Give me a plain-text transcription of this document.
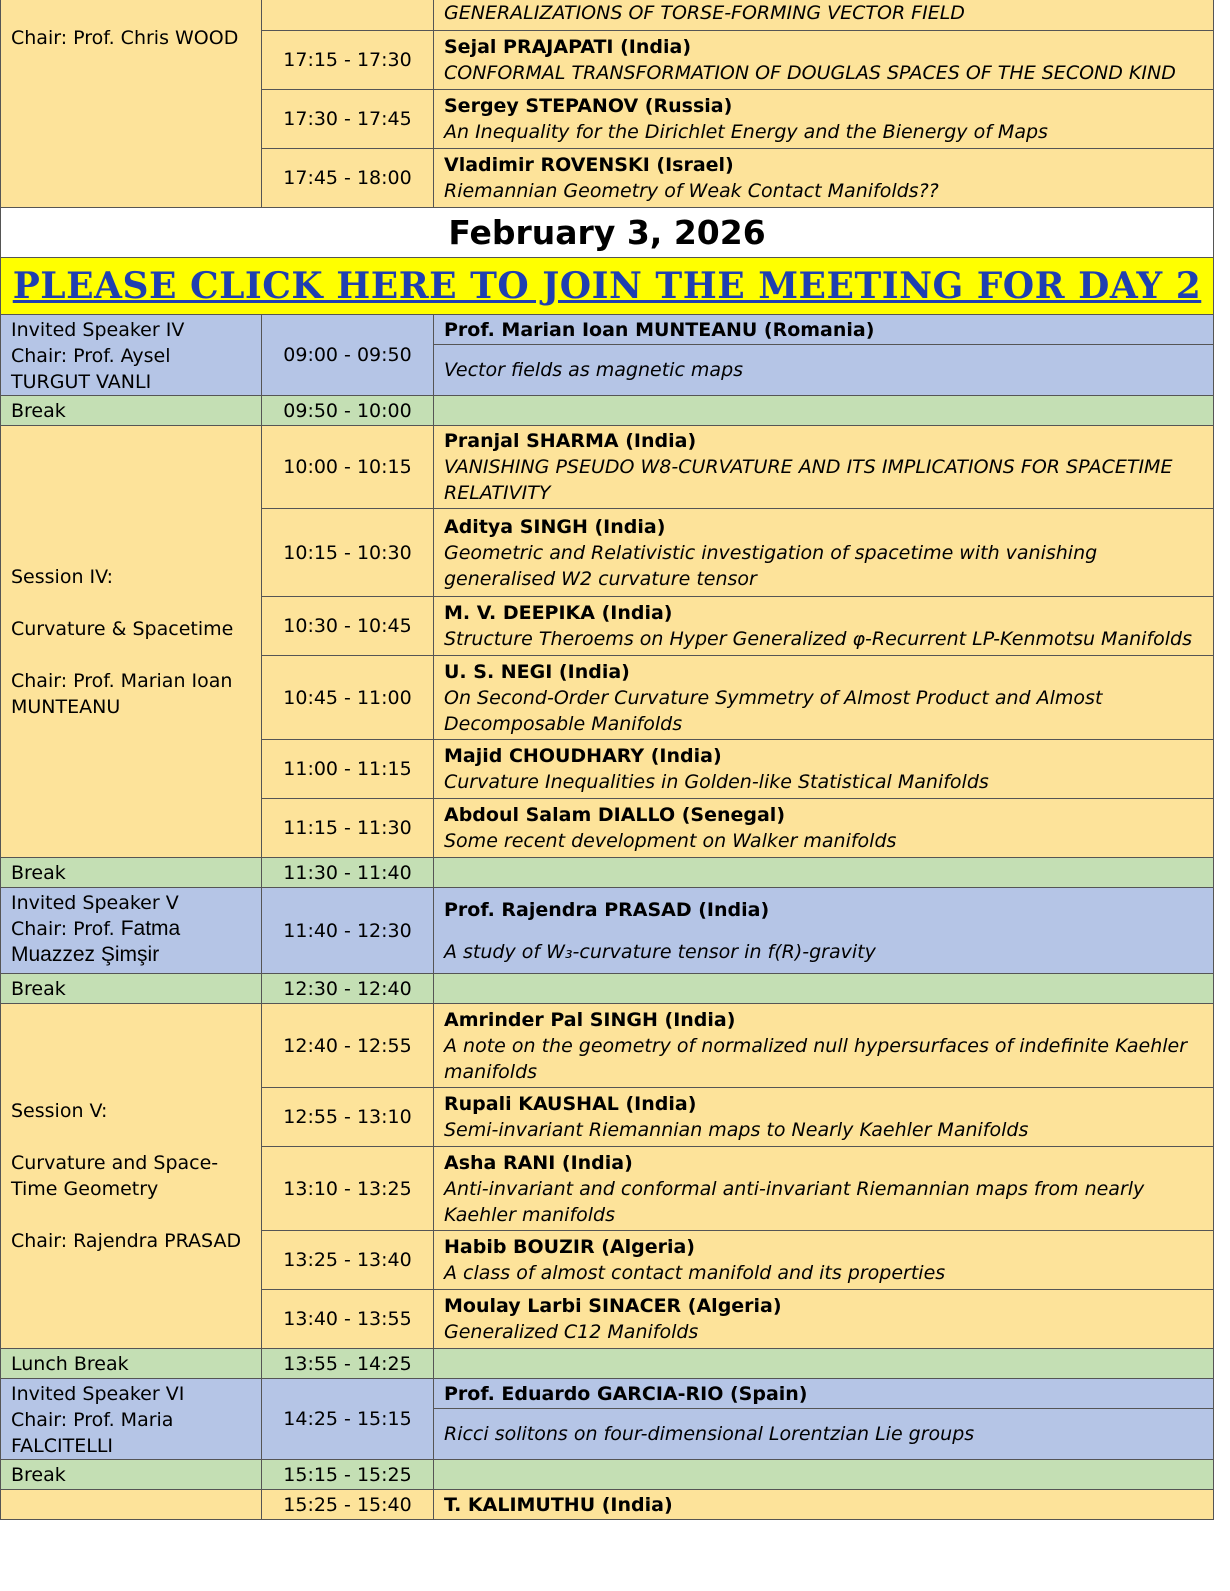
Chair: Prof. Chris WOOD		GENERALIZATIONS OF TORSE-FORMING VECTOR FIELD

	17:15 - 17:30	Sejal PRAJAPATI (India)
CONFORMAL TRANSFORMATION OF DOUGLAS SPACES OF THE SECOND KIND

	17:30 - 17:45	Sergey STEPANOV (Russia)
An Inequality for the Dirichlet Energy and the Bienergy of Maps

	17:45 - 18:00	Vladimir ROVENSKI (Israel)
Riemannian Geometry of Weak Contact Manifolds??

February 3, 2026		
PLEASE CLICK HERE TO JOIN THE MEETING FOR DAY 2		

Invited Speaker IV
Chair: Prof. Aysel TURGUT VANLI	09:00 - 09:50	Prof. Marian Ioan MUNTEANU (Romania)

		Vector fields as magnetic maps

Break	09:50 - 10:00	

Session IV:
Curvature & Spacetime
Chair: Prof. Marian Ioan MUNTEANU	10:00 - 10:15	Pranjal SHARMA (India)
VANISHING PSEUDO W8-CURVATURE AND ITS IMPLICATIONS FOR SPACETIME RELATIVITY

	10:15 - 10:30	Aditya SINGH (India)
Geometric and Relativistic investigation of spacetime with vanishing generalised W2 curvature tensor

	10:30 - 10:45	M. V. DEEPIKA (India)
Structure Theroems on Hyper Generalized φ-Recurrent LP-Kenmotsu Manifolds

	10:45 - 11:00	U. S. NEGI (India)
On Second-Order Curvature Symmetry of Almost Product and Almost Decomposable Manifolds

	11:00 - 11:15	Majid CHOUDHARY (India)
Curvature Inequalities in Golden-like Statistical Manifolds

	11:15 - 11:30	Abdoul Salam DIALLO (Senegal)
Some recent development on Walker manifolds

Break	11:30 - 11:40	

Invited Speaker V
Chair: Prof. Fatma
Muazzez Şimşir	11:40 - 12:30	Prof. Rajendra PRASAD (India)
A study of W₃-curvature tensor in f(R)-gravity

Break	12:30 - 12:40	

Session V:
Curvature and Space-Time Geometry
Chair: Rajendra PRASAD	12:40 - 12:55	Amrinder Pal SINGH (India)
A note on the geometry of normalized null hypersurfaces of indefinite Kaehler manifolds

	12:55 - 13:10	Rupali KAUSHAL (India)
Semi-invariant Riemannian maps to Nearly Kaehler Manifolds

	13:10 - 13:25	Asha RANI (India)
Anti-invariant and conformal anti-invariant Riemannian maps from nearly Kaehler manifolds

	13:25 - 13:40	Habib BOUZIR (Algeria)
A class of almost contact manifold and its properties

	13:40 - 13:55	Moulay Larbi SINACER (Algeria)
Generalized C12 Manifolds

Lunch Break	13:55 - 14:25	

Invited Speaker VI
Chair: Prof. Maria FALCITELLI	14:25 - 15:15	Prof. Eduardo GARCIA-RIO (Spain)

		Ricci solitons on four-dimensional Lorentzian Lie groups

Break	15:15 - 15:25	
	15:25 - 15:40	T. KALIMUTHU (India)
